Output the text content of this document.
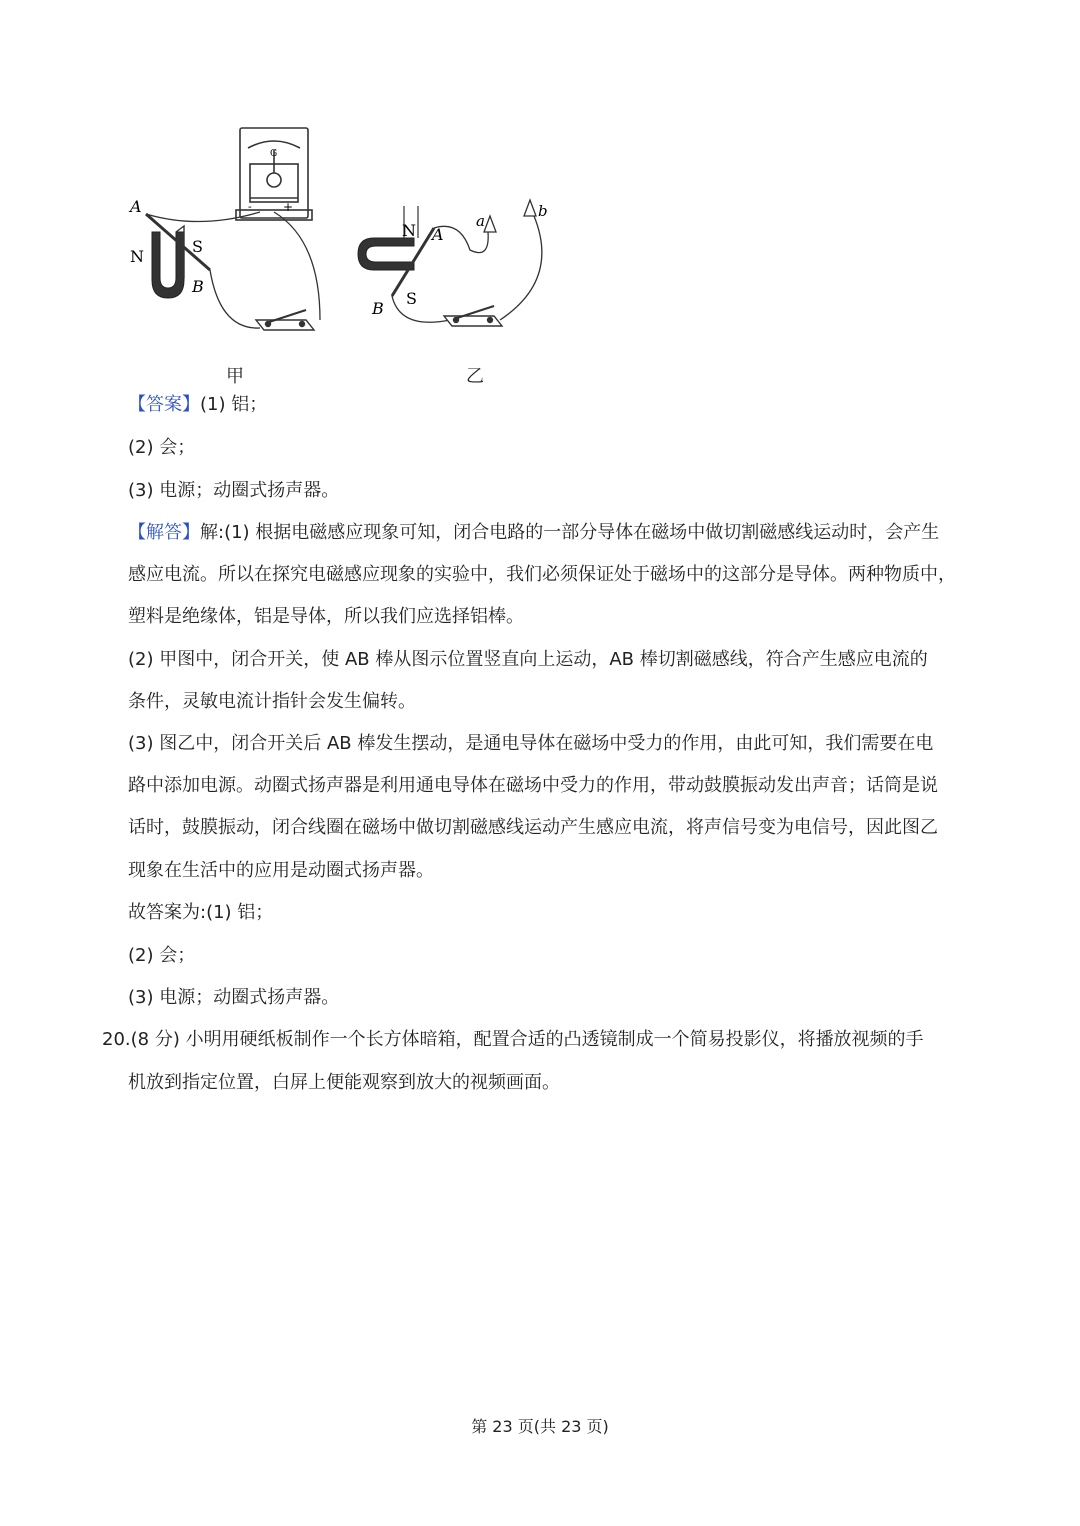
-	+
G
A
N
S
B
N A
B
S
a
b
甲	乙
【答案】(1) 铝；
(2) 会；
(3) 电源；动圈式扬声器。
【解答】解:(1) 根据电磁感应现象可知，闭合电路的一部分导体在磁场中做切割磁感线运动时，会产生
感应电流。所以在探究电磁感应现象的实验中，我们必须保证处于磁场中的这部分是导体。两种物质中，
塑料是绝缘体，铝是导体，所以我们应选择铝棒。
(2) 甲图中，闭合开关，使 AB 棒从图示位置竖直向上运动，AB 棒切割磁感线，符合产生感应电流的
条件，灵敏电流计指针会发生偏转。
(3) 图乙中，闭合开关后 AB 棒发生摆动，是通电导体在磁场中受力的作用，由此可知，我们需要在电
路中添加电源。动圈式扬声器是利用通电导体在磁场中受力的作用，带动鼓膜振动发出声音；话筒是说
话时，鼓膜振动，闭合线圈在磁场中做切割磁感线运动产生感应电流，将声信号变为电信号，因此图乙
现象在生活中的应用是动圈式扬声器。
故答案为:(1) 铝；
(2) 会；
(3) 电源；动圈式扬声器。
20.(8 分) 小明用硬纸板制作一个长方体暗箱，配置合适的凸透镜制成一个简易投影仪，将播放视频的手
机放到指定位置，白屏上便能观察到放大的视频画面。
第 23 页(共 23 页)
